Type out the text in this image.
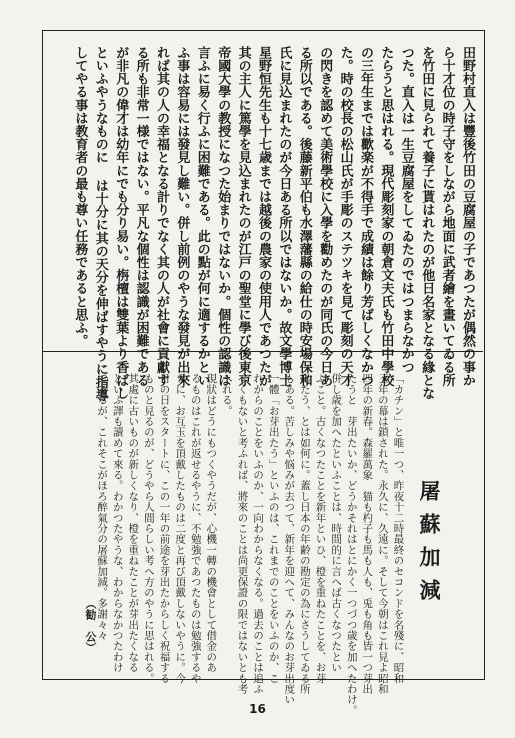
田野村直入は豐後竹田の豆腐屋の子であつたが偶然の事か
ら十才位の時子守をしながら地面に武者繪を畫いてゐる所
を竹田に見られて養子に貰はれたのが他日名家となる緣とな
つた。直入は一生豆腐屋をしてゐたのではつまらなかつ
たらうと思はれる。現代彫刻家の朝倉文夫氏も竹田中學校
の三年生までは歡楽が不得手で成績は餘り芳ばしくなかつ
た。時の校長の松山氏が手彫のステツキを見て彫刻の天才
の閃きを認めて美術學校に入學を勸めたのが同氏の今日あ
る所以である。後藤新平伯も水澤藩縣の給仕の時安場保和
氏に見込まれたのが今日ある所以ではないか。故文學博士
星野恒先生も十七歳までは越後の農家の使用人であつたが
其の主人に篤學を見込まれたのが江戸の聖堂に學び後東京
帝國大學の教授になつた始まりではないか。個性の認識は
言ふに易く行ふに困難である。此の點が何に適するかとい
ふ事は容易には發見し難い。併し前例のやうな發見が出來
れば其の人の幸福となる計りでなく其の人が社會に貢獻す
る所も非常一様ではない。平凡な個性は認識が困難である
が非凡の偉才は幼年にでも分り易い。栴檀は雙葉より香ばし
といふやうなものに は十分に其の天分を伸ばすやうに指導
してやる事は教育者の最も尊い任務であると思ふ。
屠蘇加減
「カチン」と唯一つ、昨夜十二時最終のセコンドを名殘に、昭和
三年の幕は鎖された。永久に、久遠に。そして今朝はこれ見よ昭和
四年の新春。森羅萬象　猫も杓子も馬も人も、兎も角も皆一つ芽出
たうと　芽出たいか、どうかそれはとにかく一つづつ歳を加へたわけ。
併し歳を加へたといふことは、時間的に言へば古くなつたとい
ふこと。古くなつたことを新年といひ、橙を重ねたことを、お芽
出たう、とは如何に。蓋し日本の年齢の勘定の為にさうしてゐる所
もある。苦しみや悩みが去つて、新年を迎へて、みんなのお芽出度い
一體「お芽出たう」といふのは、これまでのことをいふのか、こ
れからのことをいふのか、一向わからなくなる。過去のことは追ふ
べくもないと考ふれば、將來のことは尚更保證の限ではないとも考
へれる。
現狀はどうにもつくやうだが、心機一轉の機會として借金のあ
るものはこれが返せるやうに、不勉強であつたものは勉強するや
うに、お互玉を頂戴したものは二度と再び頂戴しないやうに。今
日の日をスタートに、この一年の前途を芽出たからしく祝福する
ものと見るのが、どうやら人間らしい考へ方のやうに思はれる。
其處に古いものが新しくなり、橙を重ねたことが芽出たくなる
といふ譯も讀めて來る。わかつたやうな、わからなかつたわけ
であるが、これそこがほろ醉氣分の屠蘇加減。多謝々々
（勧　公）
16
